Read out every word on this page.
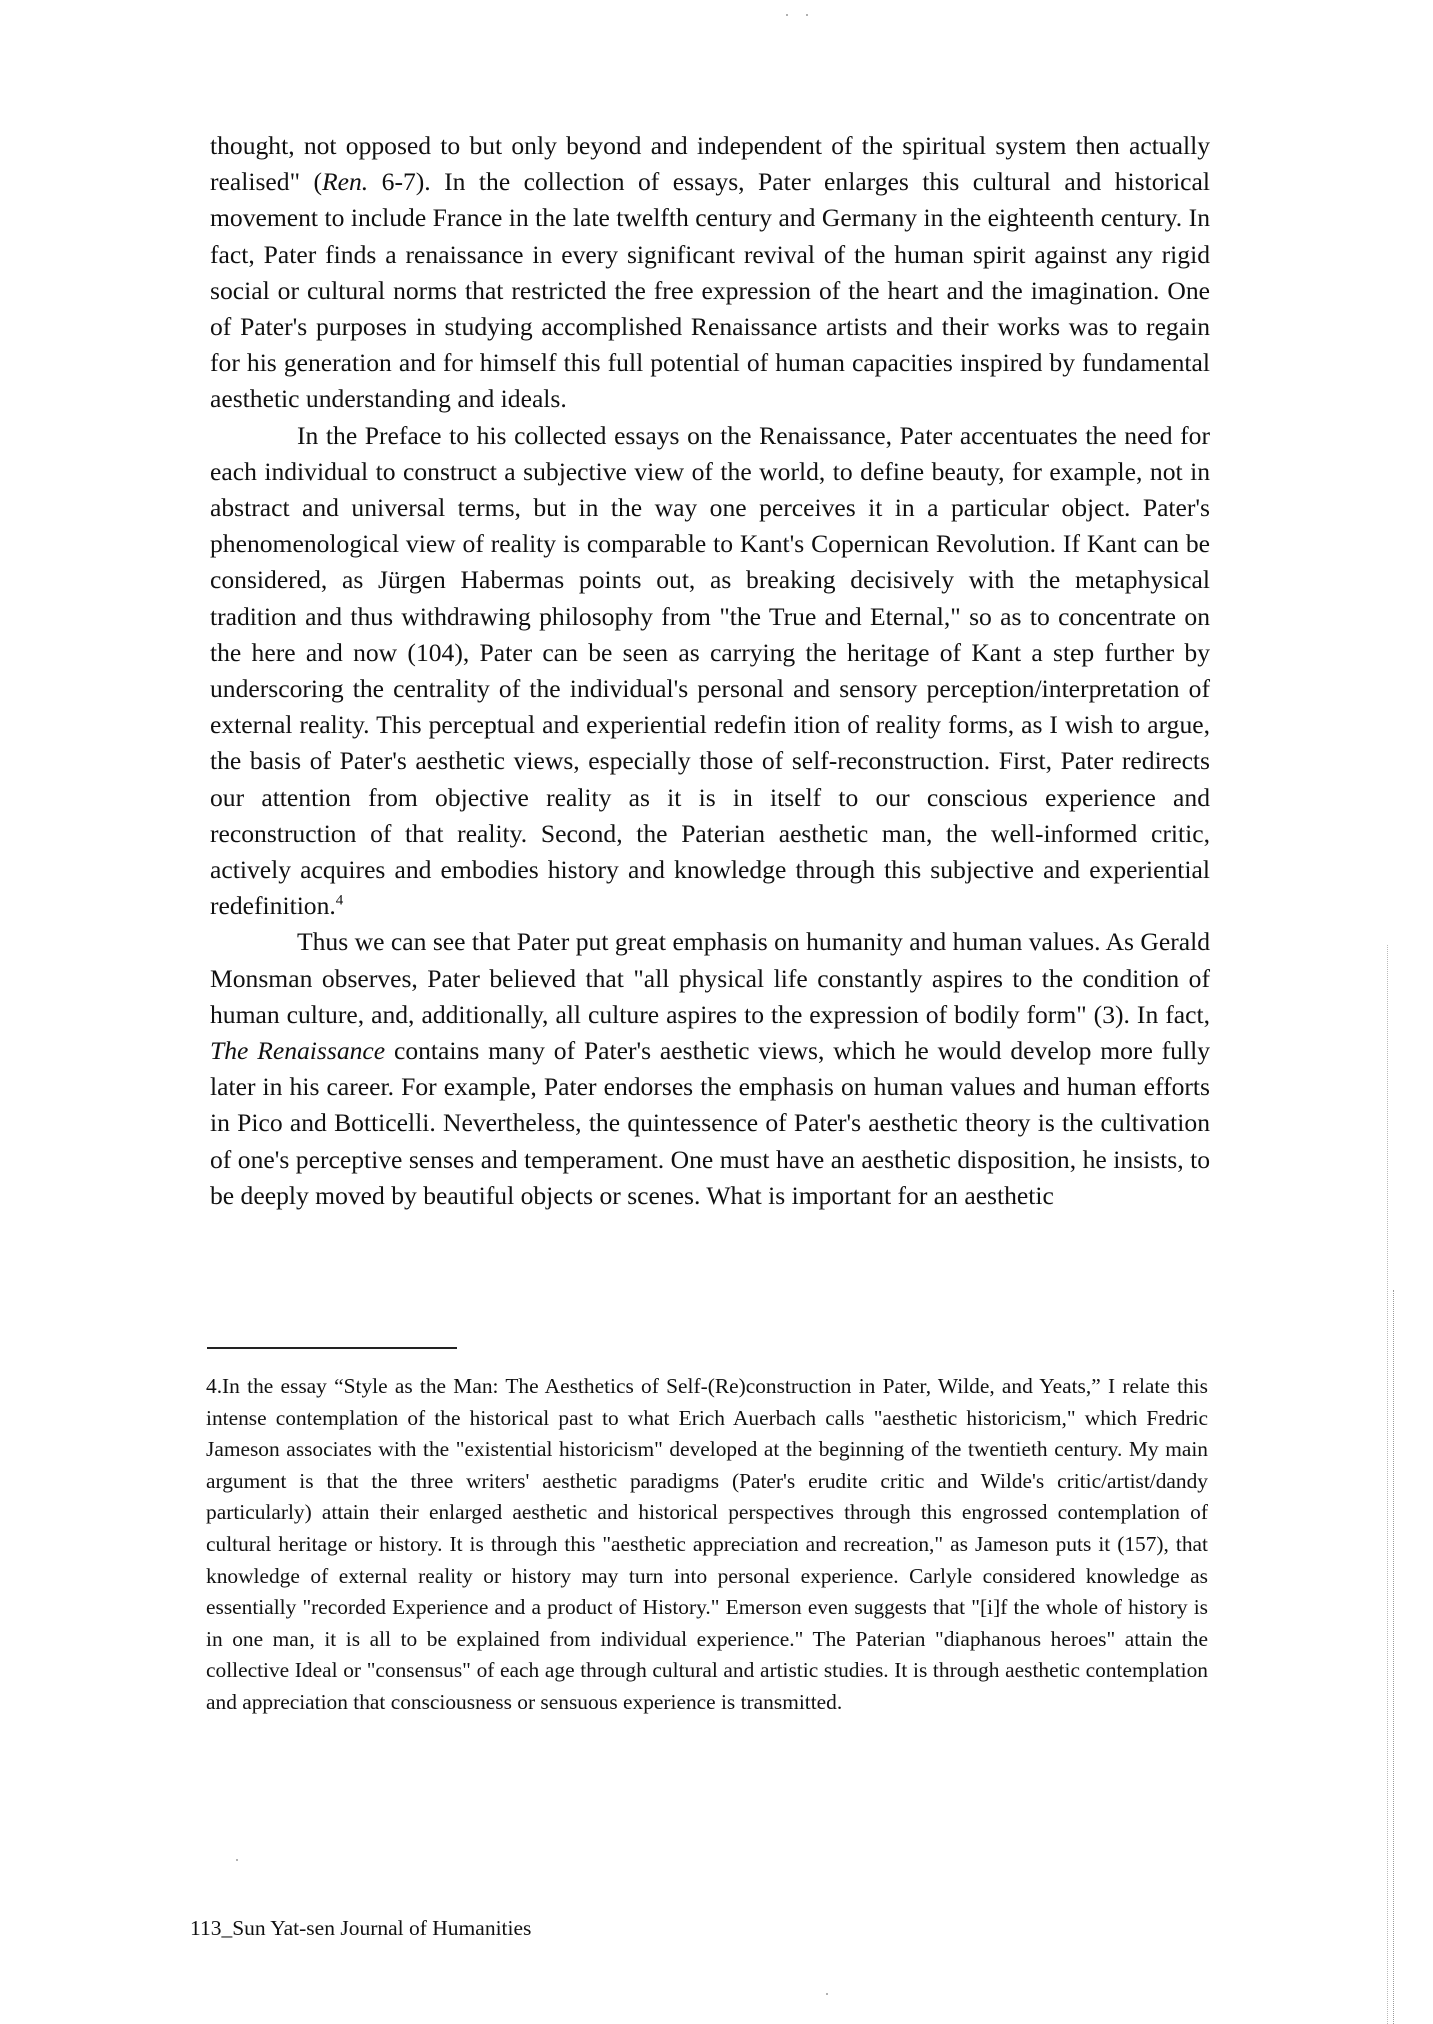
thought, not opposed to but only beyond and independent of the spiritual system then actually realised" (Ren. 6-7). In the collection of essays, Pater enlarges this cultural and historical movement to include France in the late twelfth century and Germany in the eighteenth century. In fact, Pater finds a renaissance in every significant revival of the human spirit against any rigid social or cultural norms that restricted the free expression of the heart and the imagination. One of Pater's purposes in studying accomplished Renaissance artists and their works was to regain for his generation and for himself this full potential of human capacities inspired by fundamental aesthetic understanding and ideals.

In the Preface to his collected essays on the Renaissance, Pater accentuates the need for each individual to construct a subjective view of the world, to define beauty, for example, not in abstract and universal terms, but in the way one perceives it in a particular object. Pater's phenomenological view of reality is comparable to Kant's Copernican Revolution. If Kant can be considered, as Jürgen Habermas points out, as breaking decisively with the metaphysical tradition and thus withdrawing philosophy from "the True and Eternal," so as to concentrate on the here and now (104), Pater can be seen as carrying the heritage of Kant a step further by underscoring the centrality of the individual's personal and sensory perception/interpretation of external reality. This perceptual and experiential redefin ition of reality forms, as I wish to argue, the basis of Pater's aesthetic views, especially those of self-reconstruction. First, Pater redirects our attention from objective reality as it is in itself to our conscious experience and reconstruction of that reality. Second, the Paterian aesthetic man, the well-informed critic, actively acquires and embodies history and knowledge through this subjective and experiential redefinition.$^4$

Thus we can see that Pater put great emphasis on humanity and human values. As Gerald Monsman observes, Pater believed that "all physical life constantly aspires to the condition of human culture, and, additionally, all culture aspires to the expression of bodily form" (3). In fact, The Renaissance contains many of Pater's aesthetic views, which he would develop more fully later in his career. For example, Pater endorses the emphasis on human values and human efforts in Pico and Botticelli. Nevertheless, the quintessence of Pater's aesthetic theory is the cultivation of one's perceptive senses and temperament. One must have an aesthetic disposition, he insists, to be deeply moved by beautiful objects or scenes. What is important for an aesthetic

4.In the essay “Style as the Man: The Aesthetics of Self-(Re)construction in Pater, Wilde, and Yeats,” I relate this intense contemplation of the historical past to what Erich Auerbach calls "aesthetic historicism," which Fredric Jameson associates with the "existential historicism" developed at the beginning of the twentieth century. My main argument is that the three writers' aesthetic paradigms (Pater's erudite critic and Wilde's critic/artist/dandy particularly) attain their enlarged aesthetic and historical perspectives through this engrossed contemplation of cultural heritage or history. It is through this "aesthetic appreciation and recreation," as Jameson puts it (157), that knowledge of external reality or history may turn into personal experience. Carlyle considered knowledge as essentially "recorded Experience and a product of History." Emerson even suggests that "[i]f the whole of history is in one man, it is all to be explained from individual experience." The Paterian "diaphanous heroes" attain the collective Ideal or "consensus" of each age through cultural and artistic studies. It is through aesthetic contemplation and appreciation that consciousness or sensuous experience is transmitted.

113_Sun Yat-sen Journal of Humanities
